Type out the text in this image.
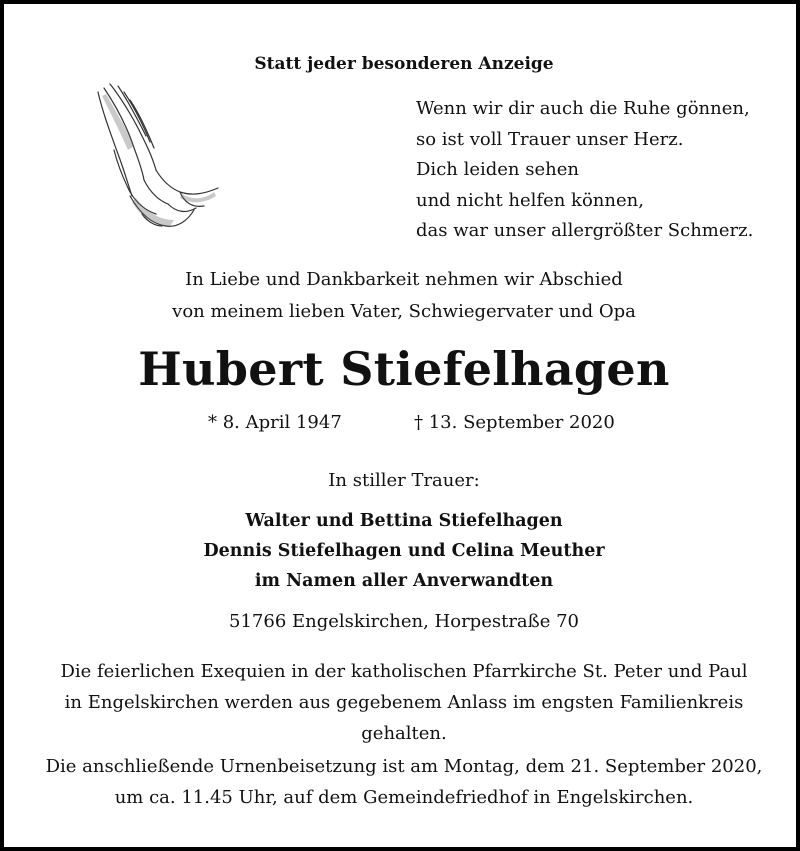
Statt jeder besonderen Anzeige
Wenn wir dir auch die Ruhe gönnen,
so ist voll Trauer unser Herz.
Dich leiden sehen
und nicht helfen können,
das war unser allergrößter Schmerz.
In Liebe und Dankbarkeit nehmen wir Abschied
von meinem lieben Vater, Schwiegervater und Opa
Hubert Stiefelhagen
* 8. April 1947	† 13. September 2020
In stiller Trauer:
Walter und Bettina Stiefelhagen
Dennis Stiefelhagen und Celina Meuther
im Namen aller Anverwandten
51766 Engelskirchen, Horpestraße 70
Die feierlichen Exequien in der katholischen Pfarrkirche St. Peter und Paul
in Engelskirchen werden aus gegebenem Anlass im engsten Familienkreis
gehalten.
Die anschließende Urnenbeisetzung ist am Montag, dem 21. September 2020,
um ca. 11.45 Uhr, auf dem Gemeindefriedhof in Engelskirchen.
